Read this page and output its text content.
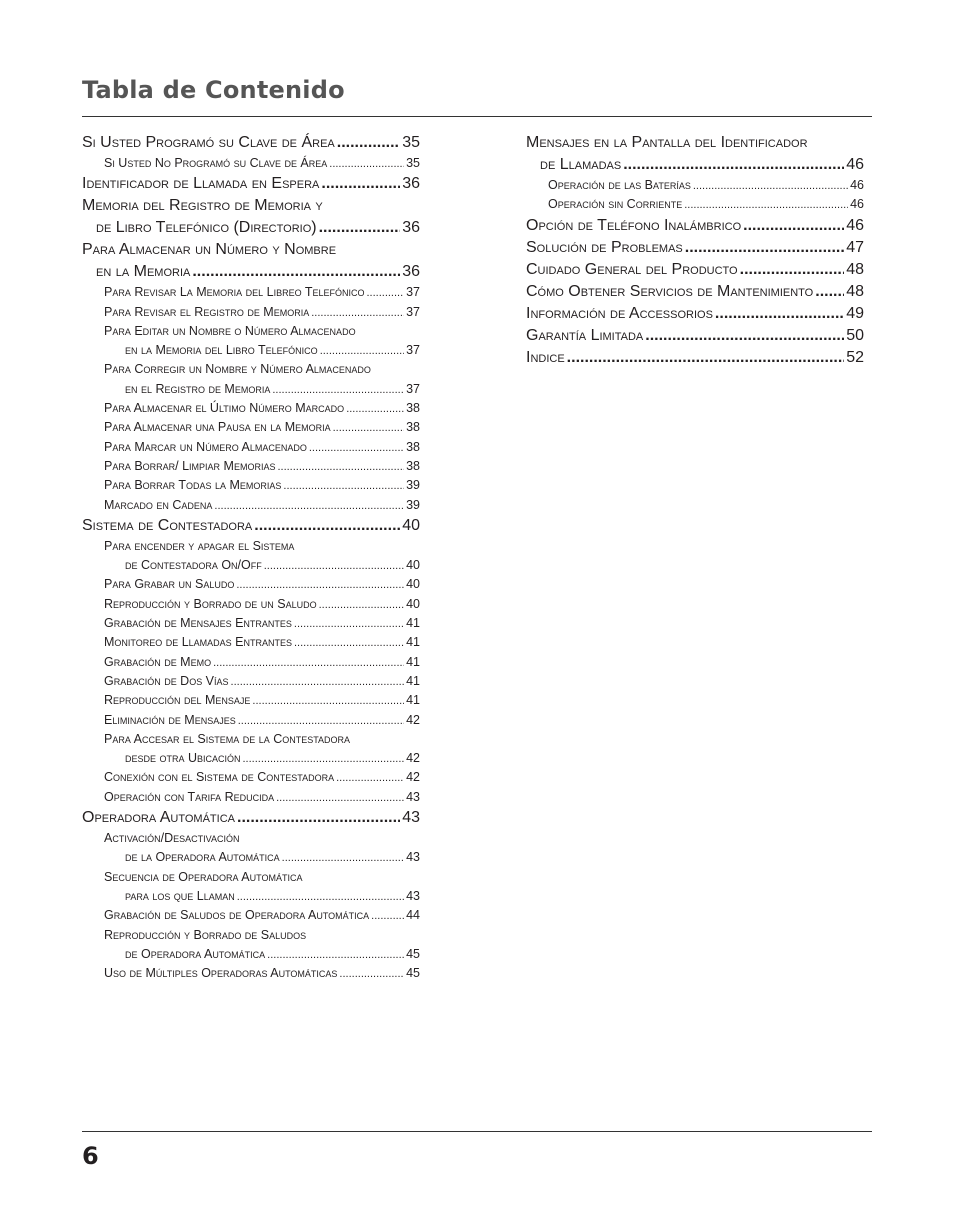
Tabla de Contenido
Si Usted Programó su Clave de Área .....	35
Si Usted No Programó su Clave de Área .....	35
Identificador de Llamada en Espera .....	36
Memoria del Registro de Memoria y
de Libro Telefónico (Directorio) .....	36
Para Almacenar un Número y Nombre
en la Memoria .....	36
Para Revisar La Memoria del Libreo Telefónico .....	37
Para Revisar el Registro de Memoria .....	37
Para Editar un Nombre o Número Almacenado
en la Memoria del Libro Telefónico .....	37
Para Corregir un Nombre y Número Almacenado
en el Registro de Memoria .....	37
Para Almacenar el Último Número Marcado .....	38
Para Almacenar una Pausa en la Memoria .....	38
Para Marcar un Número Almacenado .....	38
Para Borrar/ Limpiar Memorias .....	38
Para Borrar Todas la Memorias .....	39
Marcado en Cadena .....	39
Sistema de Contestadora .....	40
Para encender y apagar el Sistema
de Contestadora On/Off .....	40
Para Grabar un Saludo .....	40
Reproducción y Borrado de un Saludo .....	40
Grabación de Mensajes Entrantes .....	41
Monitoreo de Llamadas Entrantes .....	41
Grabación de Memo .....	41
Grabación de Dos Vías .....	41
Reproducción del Mensaje .....	41
Eliminación de Mensajes .....	42
Para Accesar el Sistema de la Contestadora
desde otra Ubicación .....	42
Conexión con el Sistema de Contestadora .....	42
Operación con Tarifa Reducida .....	43
Operadora Automática .....	43
Activación/Desactivación
de la Operadora Automática .....	43
Secuencia de Operadora Automática
para los que Llaman .....	43
Grabación de Saludos de Operadora Automática .....	44
Reproducción y Borrado de Saludos
de Operadora Automática .....	45
Uso de Múltiples Operadoras Automáticas .....	45
Mensajes en la Pantalla del Identificador
de Llamadas .....	46
Operación de las Baterías .....	46
Operación sin Corriente .....	46
Opción de Teléfono Inalámbrico .....	46
Solución de Problemas .....	47
Cuidado General del Producto .....	48
Cómo Obtener Servicios de Mantenimiento ..... 48
Información de Accessorios .....	49
Garantía Limitada .....	50
Indice .....	52
6
